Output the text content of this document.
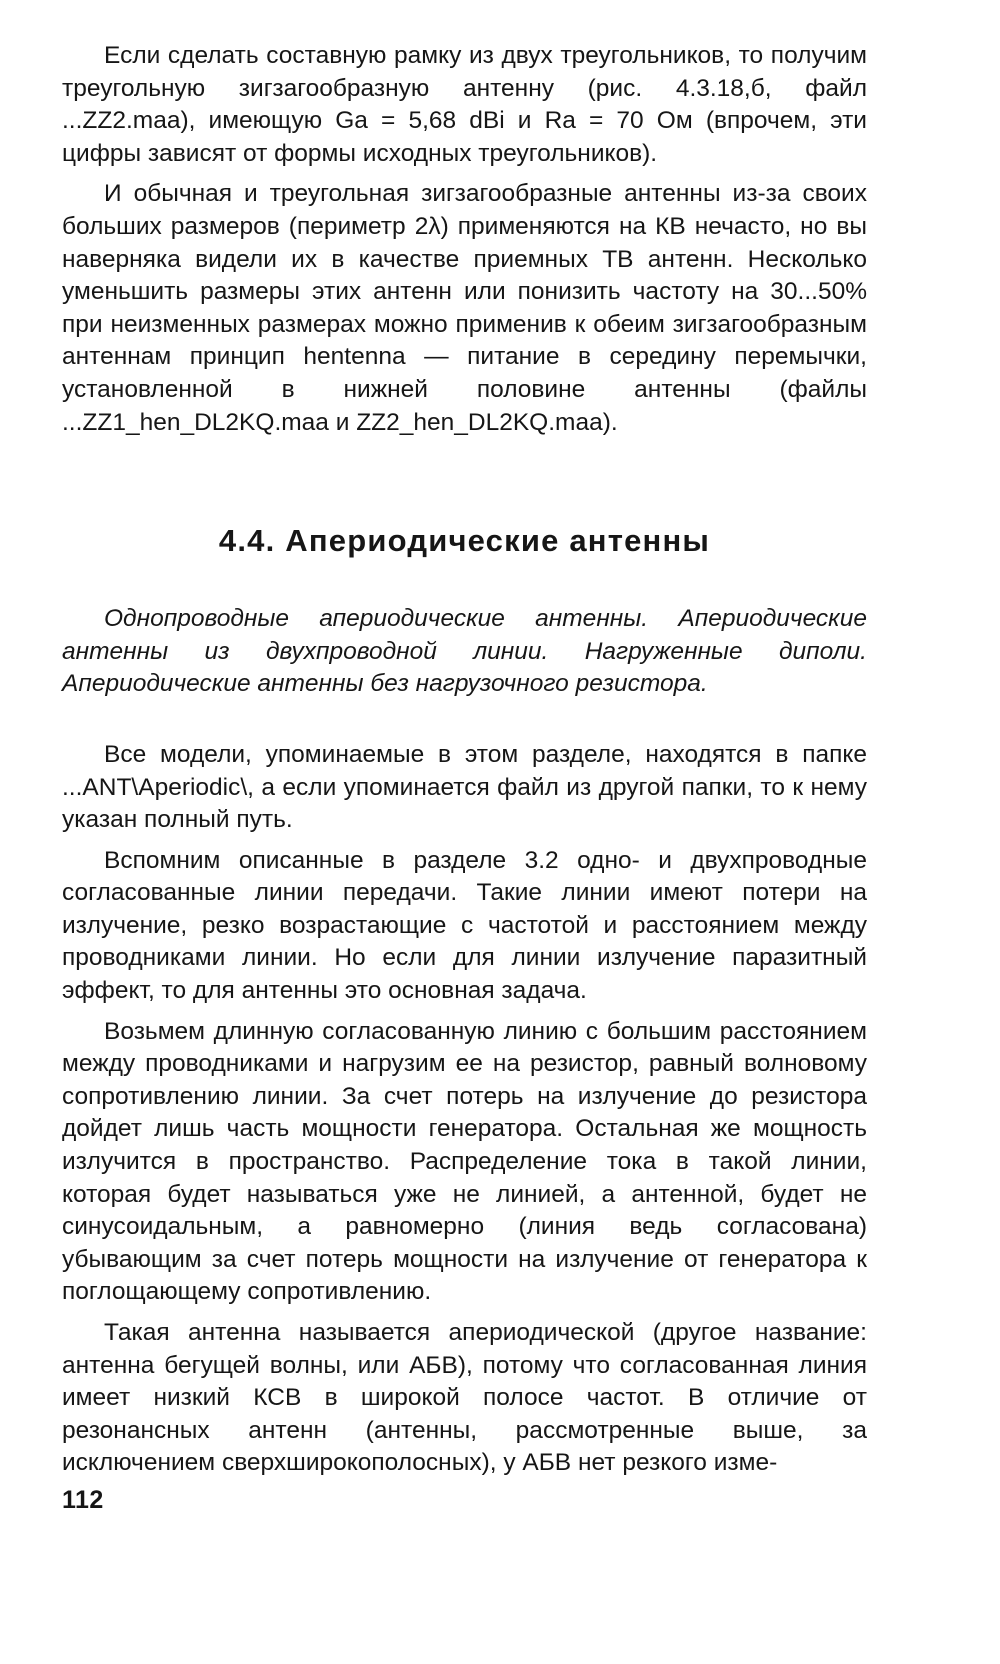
Если сделать составную рамку из двух треугольников, то получим треугольную зигзагообразную антенну (рис. 4.3.18,б, файл ...ZZ2.maa), имеющую Ga = 5,68 dBi и Ra = 70 Ом (впрочем, эти цифры зависят от формы исходных треугольников).

И обычная и треугольная зигзагообразные антенны из-за своих больших размеров (периметр 2λ) применяются на КВ нечасто, но вы наверняка видели их в качестве приемных ТВ антенн. Несколько уменьшить размеры этих антенн или понизить частоту на 30...50% при неизменных размерах можно применив к обеим зигзагообразным антеннам принцип hentenna — питание в середину перемычки, установленной в нижней половине антенны (файлы ...ZZ1_hen_DL2KQ.maa и ZZ2_hen_DL2KQ.maa).

4.4. Апериодические антенны

Однопроводные апериодические антенны. Апериодические антенны из двухпроводной линии. Нагруженные диполи. Апериодические антенны без нагрузочного резистора.

Все модели, упоминаемые в этом разделе, находятся в папке ...ANT\Aperiodic\, а если упоминается файл из другой папки, то к нему указан полный путь.

Вспомним описанные в разделе 3.2 одно- и двухпроводные согласованные линии передачи. Такие линии имеют потери на излучение, резко возрастающие с частотой и расстоянием между проводниками линии. Но если для линии излучение паразитный эффект, то для антенны это основная задача.

Возьмем длинную согласованную линию с большим расстоянием между проводниками и нагрузим ее на резистор, равный волновому сопротивлению линии. За счет потерь на излучение до резистора дойдет лишь часть мощности генератора. Остальная же мощность излучится в пространство. Распределение тока в такой линии, которая будет называться уже не линией, а антенной, будет не синусоидальным, а равномерно (линия ведь согласована) убывающим за счет потерь мощности на излучение от генератора к поглощающему сопротивлению.

Такая антенна называется апериодической (другое название: антенна бегущей волны, или АБВ), потому что согласованная линия имеет низкий КСВ в широкой полосе частот. В отличие от резонансных антенн (антенны, рассмотренные выше, за исключением сверхширокополосных), у АБВ нет резкого изме-

112
